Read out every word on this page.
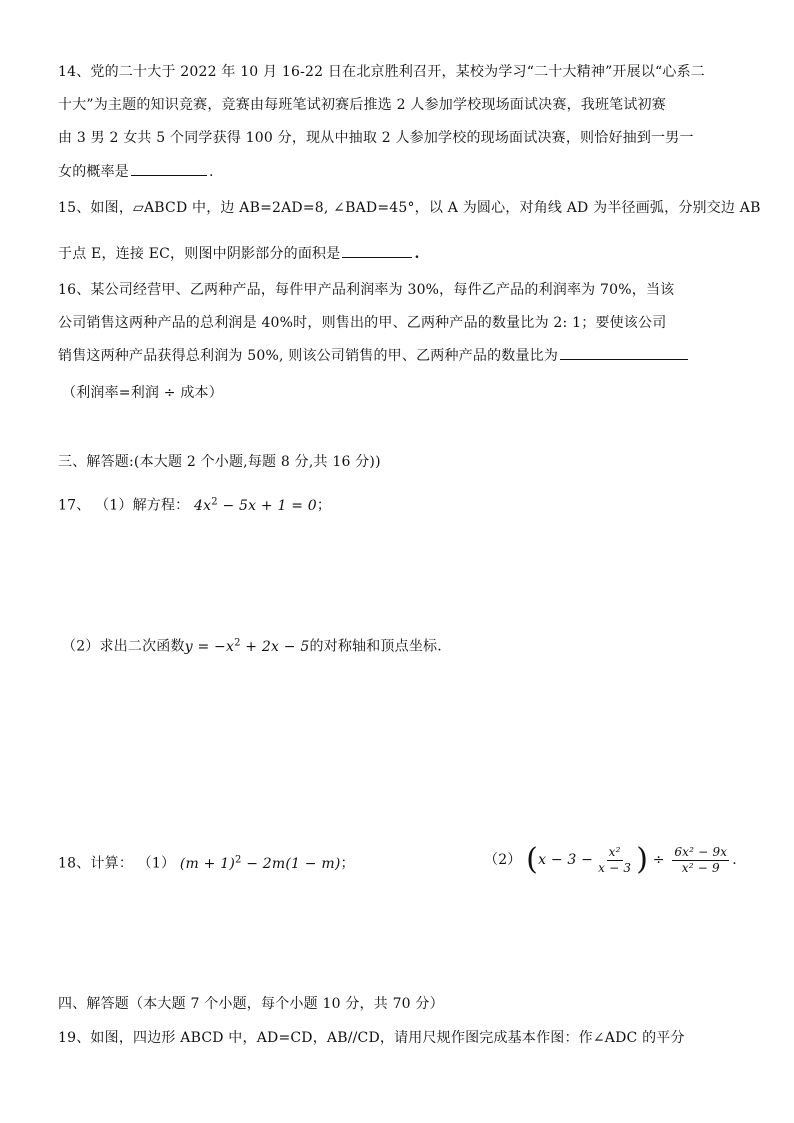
14、党的二十大于 2022 年 10 月 16-22 日在北京胜利召开，某校为学习“二十大精神”开展以“心系二
十大”为主题的知识竞赛，竞赛由每班笔试初赛后推选 2 人参加学校现场面试决赛，我班笔试初赛
由 3 男 2 女共 5 个同学获得 100 分，现从中抽取 2 人参加学校的现场面试决赛，则恰好抽到一男一
女的概率是	.
15、如图，▱ABCD 中，边 AB=2AD=8, ∠BAD=45°，以 A 为圆心，对角线 AD 为半径画弧，分别交边 AB
于点 E，连接 EC，则图中阴影部分的面积是	.
16、某公司经营甲、乙两种产品，每件甲产品利润率为 30%，每件乙产品的利润率为 70%，当该
公司销售这两种产品的总利润是 40%时，则售出的甲、乙两种产品的数量比为 2: 1；要使该公司
销售这两种产品获得总利润为 50%, 则该公司销售的甲、乙两种产品的数量比为
（利润率=利润 ÷ 成本）
三、解答题:(本大题 2 个小题,每题 8 分,共 16 分))
17、 （1）解方程： $4x^2 - 5x + 1 = 0$；
（2）求出二次函数$y = -x^2 + 2x - 5$的对称轴和顶点坐标.
18、计算： （1） $(m + 1)^2 - 2m(1 - m)$；	（2） ($x - 3 - \frac{\text{x²}}{x - 3}$ ) ÷ $\frac{\text{6x² − 9x}}{\text{x² − 9}}$ .
四、解答题（本大题 7 个小题，每个小题 10 分，共 70 分）
19、如图，四边形 ABCD 中，AD=CD，AB//CD，请用尺规作图完成基本作图：作∠ADC 的平分
